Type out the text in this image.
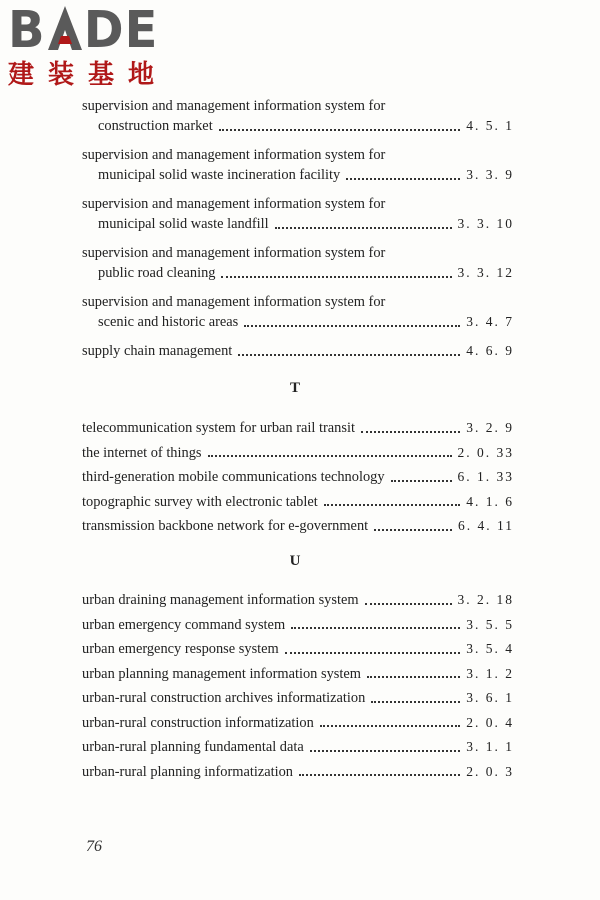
B DE
建装基地
supervision and management information system for
construction market	4. 5. 1
supervision and management information system for
municipal solid waste incineration facility	3. 3. 9
supervision and management information system for
municipal solid waste landfill	3. 3. 10
supervision and management information system for
public road cleaning	3. 3. 12
supervision and management information system for
scenic and historic areas	3. 4. 7
supply chain management	4. 6. 9
T
telecommunication system for urban rail transit	3. 2. 9
the internet of things	2. 0. 33
third-generation mobile communications technology	6. 1. 33
topographic survey with electronic tablet	4. 1. 6
transmission backbone network for e-government	6. 4. 11
U
urban draining management information system	3. 2. 18
urban emergency command system	3. 5. 5
urban emergency response system	3. 5. 4
urban planning management information system	3. 1. 2
urban-rural construction archives informatization	3. 6. 1
urban-rural construction informatization	2. 0. 4
urban-rural planning fundamental data	3. 1. 1
urban-rural planning informatization	2. 0. 3
76
